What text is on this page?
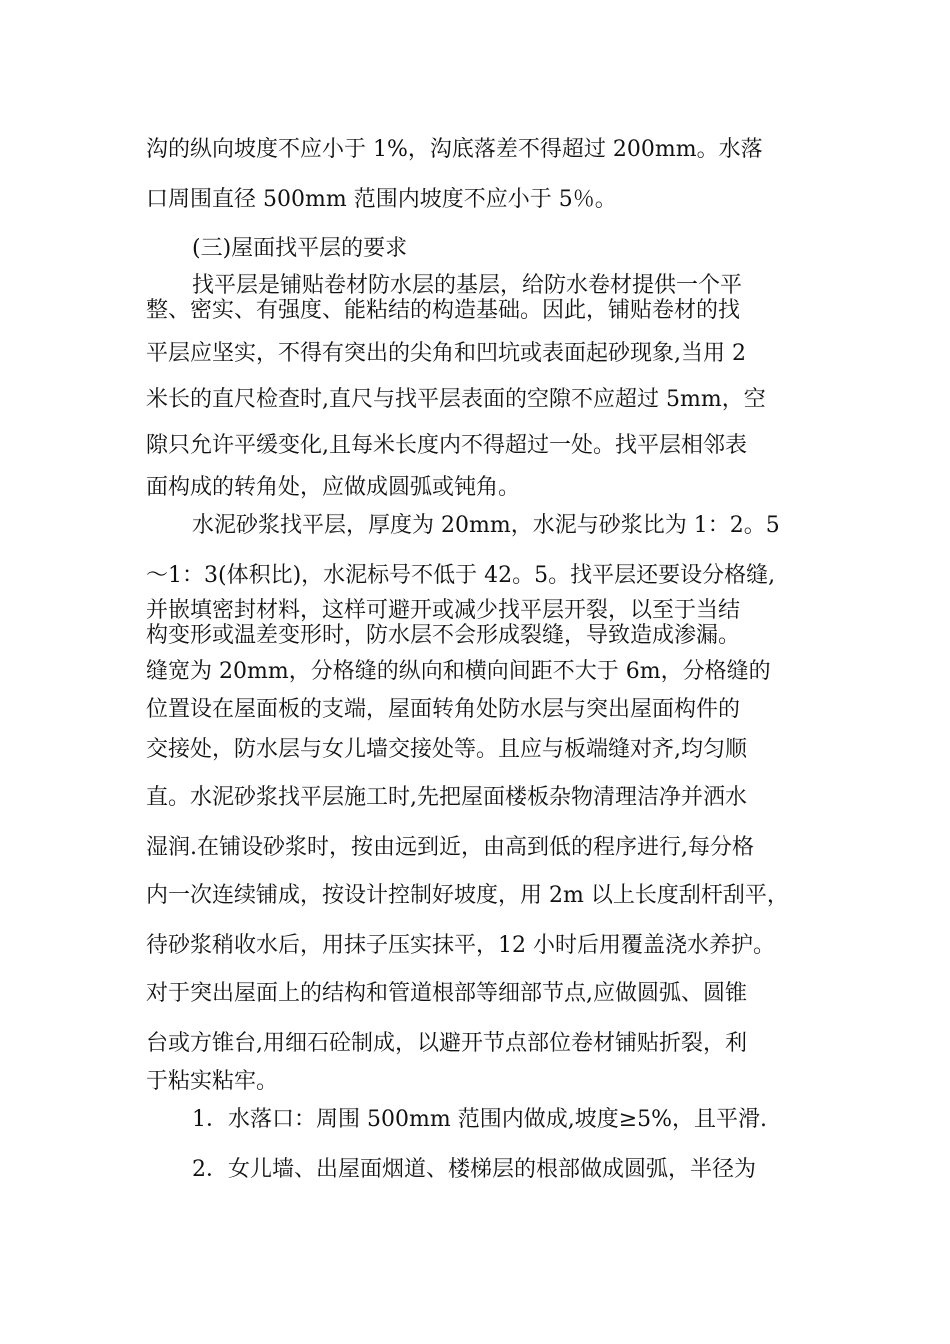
沟的纵向坡度不应小于 1%，沟底落差不得超过 200mm。水落
口周围直径 500mm 范围内坡度不应小于 5％。
(三)屋面找平层的要求
找平层是铺贴卷材防水层的基层，给防水卷材提供一个平
整、密实、有强度、能粘结的构造基础。因此，铺贴卷材的找
平层应坚实，不得有突出的尖角和凹坑或表面起砂现象,当用 2
米长的直尺检查时,直尺与找平层表面的空隙不应超过 5mm，空
隙只允许平缓变化,且每米长度内不得超过一处。找平层相邻表
面构成的转角处，应做成圆弧或钝角。
水泥砂浆找平层，厚度为 20mm，水泥与砂浆比为 1：2。5
～1：3(体积比)，水泥标号不低于 42。5。找平层还要设分格缝,
并嵌填密封材料，这样可避开或减少找平层开裂，以至于当结
构变形或温差变形时，防水层不会形成裂缝，导致造成渗漏。
缝宽为 20mm，分格缝的纵向和横向间距不大于 6m，分格缝的
位置设在屋面板的支端，屋面转角处防水层与突出屋面构件的
交接处，防水层与女儿墙交接处等。且应与板端缝对齐,均匀顺
直。水泥砂浆找平层施工时,先把屋面楼板杂物清理洁净并洒水
湿润.在铺设砂浆时，按由远到近，由高到低的程序进行,每分格
内一次连续铺成，按设计控制好坡度，用 2m 以上长度刮杆刮平，
待砂浆稍收水后，用抹子压实抹平，12 小时后用覆盖浇水养护。
对于突出屋面上的结构和管道根部等细部节点,应做圆弧、圆锥
台或方锥台,用细石砼制成，以避开节点部位卷材铺贴折裂，利
于粘实粘牢。
1．水落口：周围 500mm 范围内做成,坡度≥5%，且平滑.
2．女儿墙、出屋面烟道、楼梯层的根部做成圆弧，半径为
